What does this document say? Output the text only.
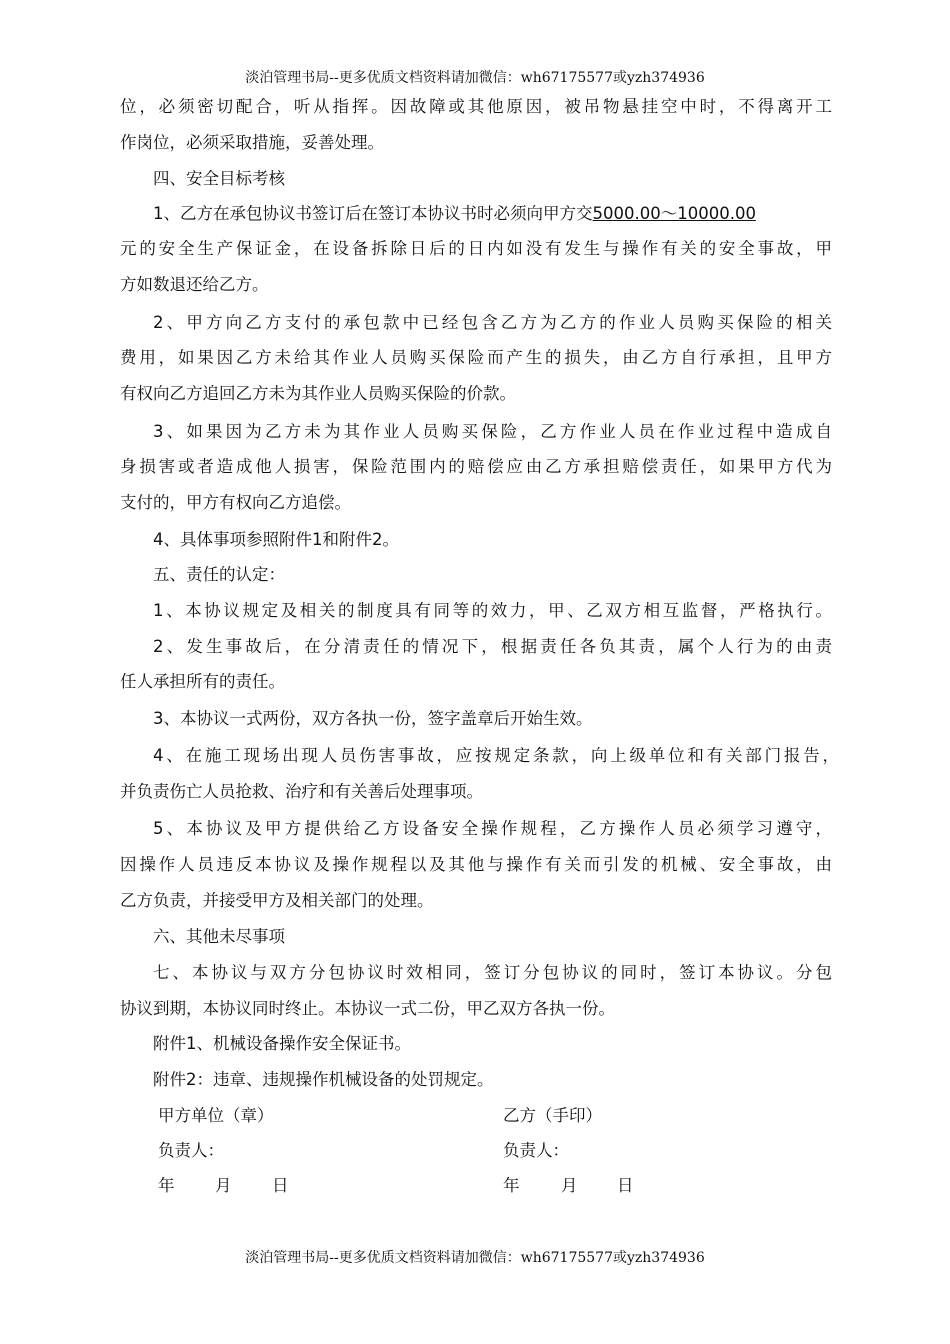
淡泊管理书局--更多优质文档资料请加微信：wh67175577或yzh374936
位，必须密切配合，听从指挥。因故障或其他原因，被吊物悬挂空中时，不得离开工
作岗位，必须采取措施，妥善处理。
四、安全目标考核
1、乙方在承包协议书签订后在签订本协议书时必须向甲方交5000.00～10000.00
元的安全生产保证金，在设备拆除日后的日内如没有发生与操作有关的安全事故，甲
方如数退还给乙方。
2、甲方向乙方支付的承包款中已经包含乙方为乙方的作业人员购买保险的相关
费用，如果因乙方未给其作业人员购买保险而产生的损失，由乙方自行承担，且甲方
有权向乙方追回乙方未为其作业人员购买保险的价款。
3、如果因为乙方未为其作业人员购买保险，乙方作业人员在作业过程中造成自
身损害或者造成他人损害，保险范围内的赔偿应由乙方承担赔偿责任，如果甲方代为
支付的，甲方有权向乙方追偿。
4、具体事项参照附件1和附件2。
五、责任的认定：
1、本协议规定及相关的制度具有同等的效力，甲、乙双方相互监督，严格执行。
2、发生事故后，在分清责任的情况下，根据责任各负其责，属个人行为的由责
任人承担所有的责任。
3、本协议一式两份，双方各执一份，签字盖章后开始生效。
4、在施工现场出现人员伤害事故，应按规定条款，向上级单位和有关部门报告，
并负责伤亡人员抢救、治疗和有关善后处理事项。
5、本协议及甲方提供给乙方设备安全操作规程，乙方操作人员必须学习遵守，
因操作人员违反本协议及操作规程以及其他与操作有关而引发的机械、安全事故，由
乙方负责，并接受甲方及相关部门的处理。
六、其他未尽事项
七、本协议与双方分包协议时效相同，签订分包协议的同时，签订本协议。分包
协议到期，本协议同时终止。本协议一式二份，甲乙双方各执一份。
附件1、机械设备操作安全保证书。
附件2：违章、违规操作机械设备的处罚规定。
甲方单位（章）	乙方（手印）
负责人：	负责人：
年 月 日	年	月 日
淡泊管理书局--更多优质文档资料请加微信：wh67175577或yzh374936
